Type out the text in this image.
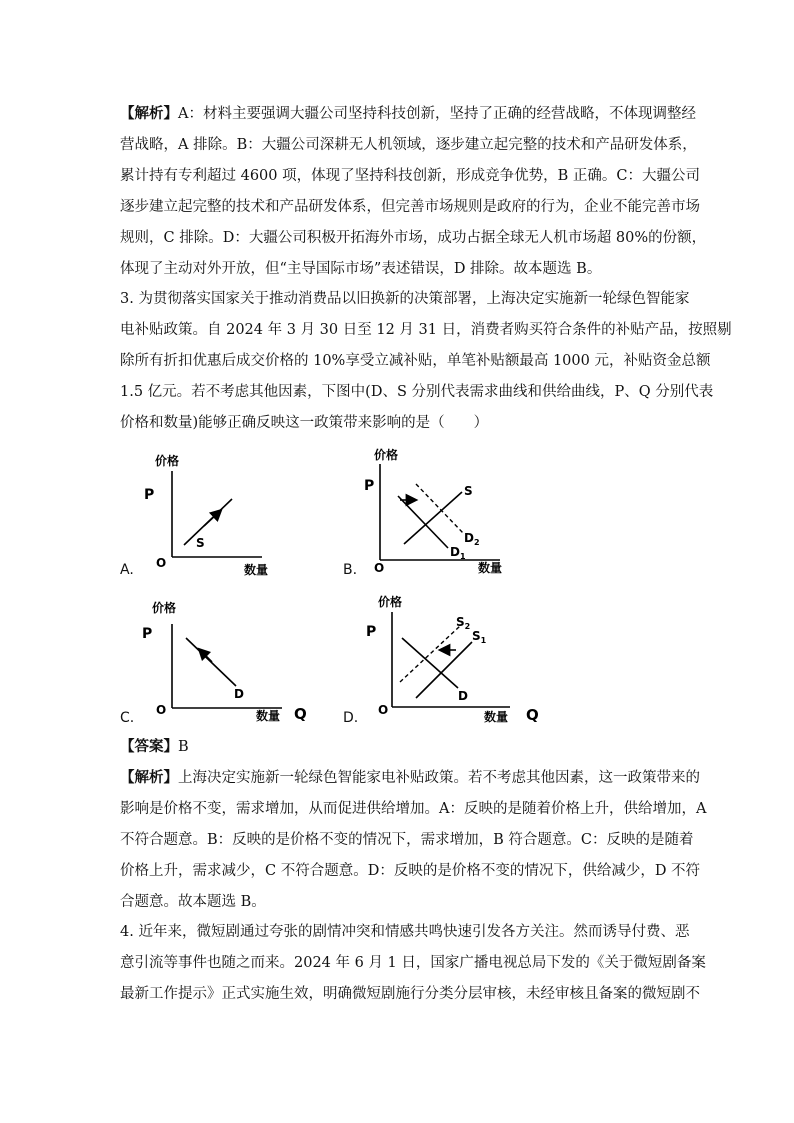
【解析】A：材料主要强调大疆公司坚持科技创新，坚持了正确的经营战略，不体现调整经
营战略，A 排除。B：大疆公司深耕无人机领域，逐步建立起完整的技术和产品研发体系，
累计持有专利超过 4600 项，体现了坚持科技创新，形成竞争优势，B 正确。C：大疆公司
逐步建立起完整的技术和产品研发体系，但完善市场规则是政府的行为，企业不能完善市场
规则，C 排除。D：大疆公司积极开拓海外市场，成功占据全球无人机市场超 80%的份额，
体现了主动对外开放，但“主导国际市场”表述错误，D 排除。故本题选 B。
3. 为贯彻落实国家关于推动消费品以旧换新的决策部署，上海决定实施新一轮绿色智能家
电补贴政策。自 2024 年 3 月 30 日至 12 月 31 日，消费者购买符合条件的补贴产品，按照剔
除所有折扣优惠后成交价格的 10%享受立减补贴，单笔补贴额最高 1000 元，补贴资金总额
1.5 亿元。若不考虑其他因素，下图中(D、S 分别代表需求曲线和供给曲线，P、Q 分别代表
价格和数量)能够正确反映这一政策带来影响的是（　　）
A.
价格
P
O	数量
S
B.
价格
P
O	数量
S
$D_1$
$D_2$
C.
价格
P
O	数量 Q
D
D.
价格
P
O	数量 Q
D
$S_1$
$S_2$
【答案】B
【解析】上海决定实施新一轮绿色智能家电补贴政策。若不考虑其他因素，这一政策带来的
影响是价格不变，需求增加，从而促进供给增加。A：反映的是随着价格上升，供给增加，A
不符合题意。B：反映的是价格不变的情况下，需求增加，B 符合题意。C：反映的是随着
价格上升，需求减少，C 不符合题意。D：反映的是价格不变的情况下，供给减少，D 不符
合题意。故本题选 B。
4. 近年来，微短剧通过夸张的剧情冲突和情感共鸣快速引发各方关注。然而诱导付费、恶
意引流等事件也随之而来。2024 年 6 月 1 日，国家广播电视总局下发的《关于微短剧备案
最新工作提示》正式实施生效，明确微短剧施行分类分层审核，未经审核且备案的微短剧不
